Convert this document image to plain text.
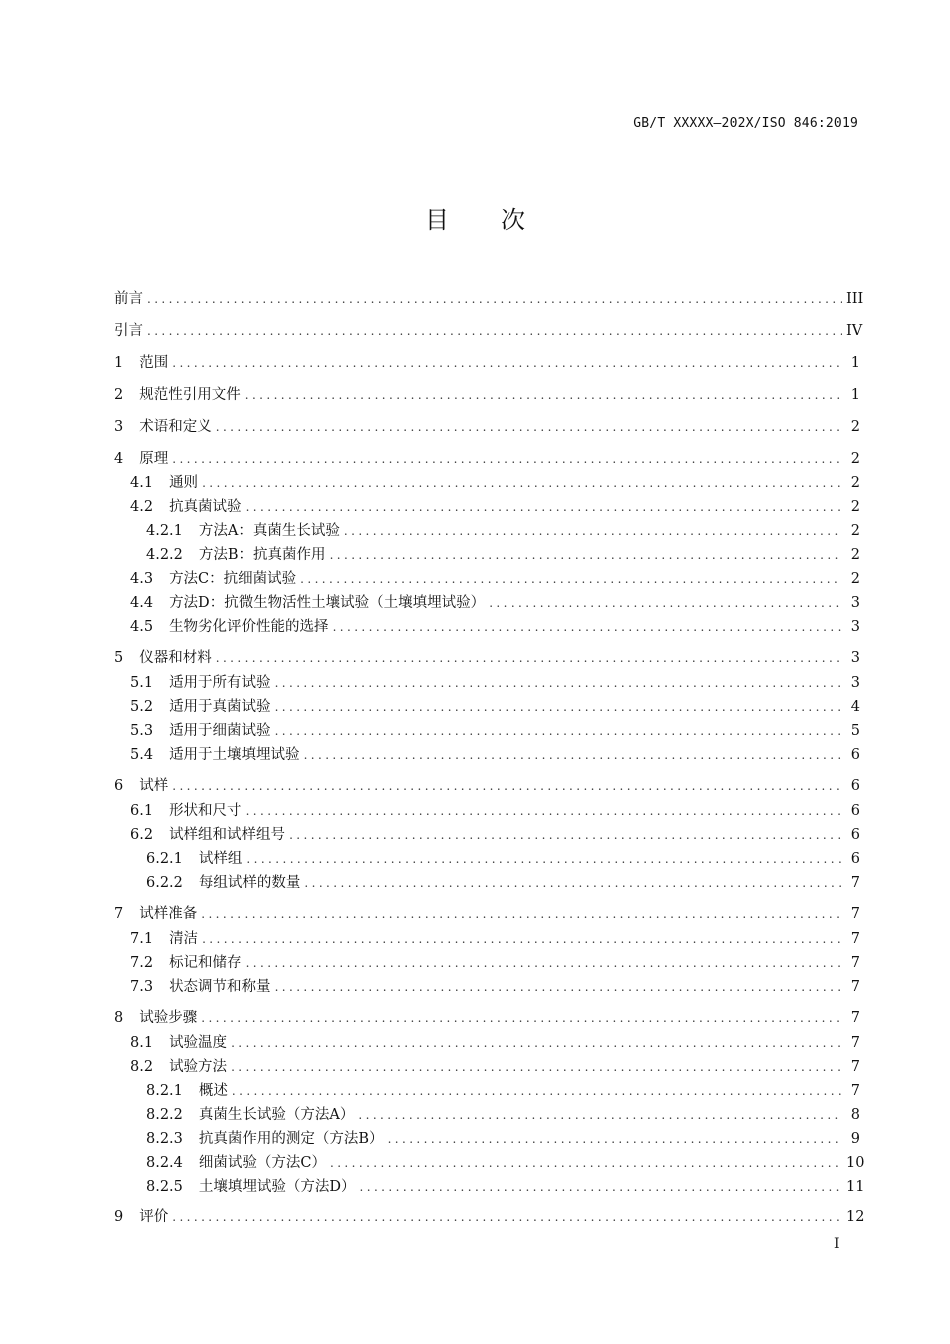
GB/T XXXXX—202X/ISO 846:2019
目次
前言 .....	III
引言 .....	IV
1 范围 .....	1
2 规范性引用文件 .....	1
3 术语和定义 .....	2
4 原理 .....	2
4.1 通则 .....	2
4.2 抗真菌试验 .....	2
4.2.1 方法A：真菌生长试验 .....	2
4.2.2 方法B：抗真菌作用 .....	2
4.3 方法C：抗细菌试验 .....	2
4.4 方法D：抗微生物活性土壤试验（土壤填埋试验） .....	3
4.5 生物劣化评价性能的选择 .....	3
5 仪器和材料 .....	3
5.1 适用于所有试验 .....	3
5.2 适用于真菌试验 .....	4
5.3 适用于细菌试验 .....	5
5.4 适用于土壤填埋试验 .....	6
6 试样 .....	6
6.1 形状和尺寸 .....	6
6.2 试样组和试样组号 .....	6
6.2.1 试样组 .....	6
6.2.2 每组试样的数量 .....	7
7 试样准备 .....	7
7.1 清洁 .....	7
7.2 标记和储存 .....	7
7.3 状态调节和称量 .....	7
8 试验步骤 .....	7
8.1 试验温度 .....	7
8.2 试验方法 .....	7
8.2.1 概述 .....	7
8.2.2 真菌生长试验（方法A） .....	8
8.2.3 抗真菌作用的测定（方法B） .....	9
8.2.4 细菌试验（方法C） .....	10
8.2.5 土壤填埋试验（方法D） .....	11
9 评价 .....	12
I
